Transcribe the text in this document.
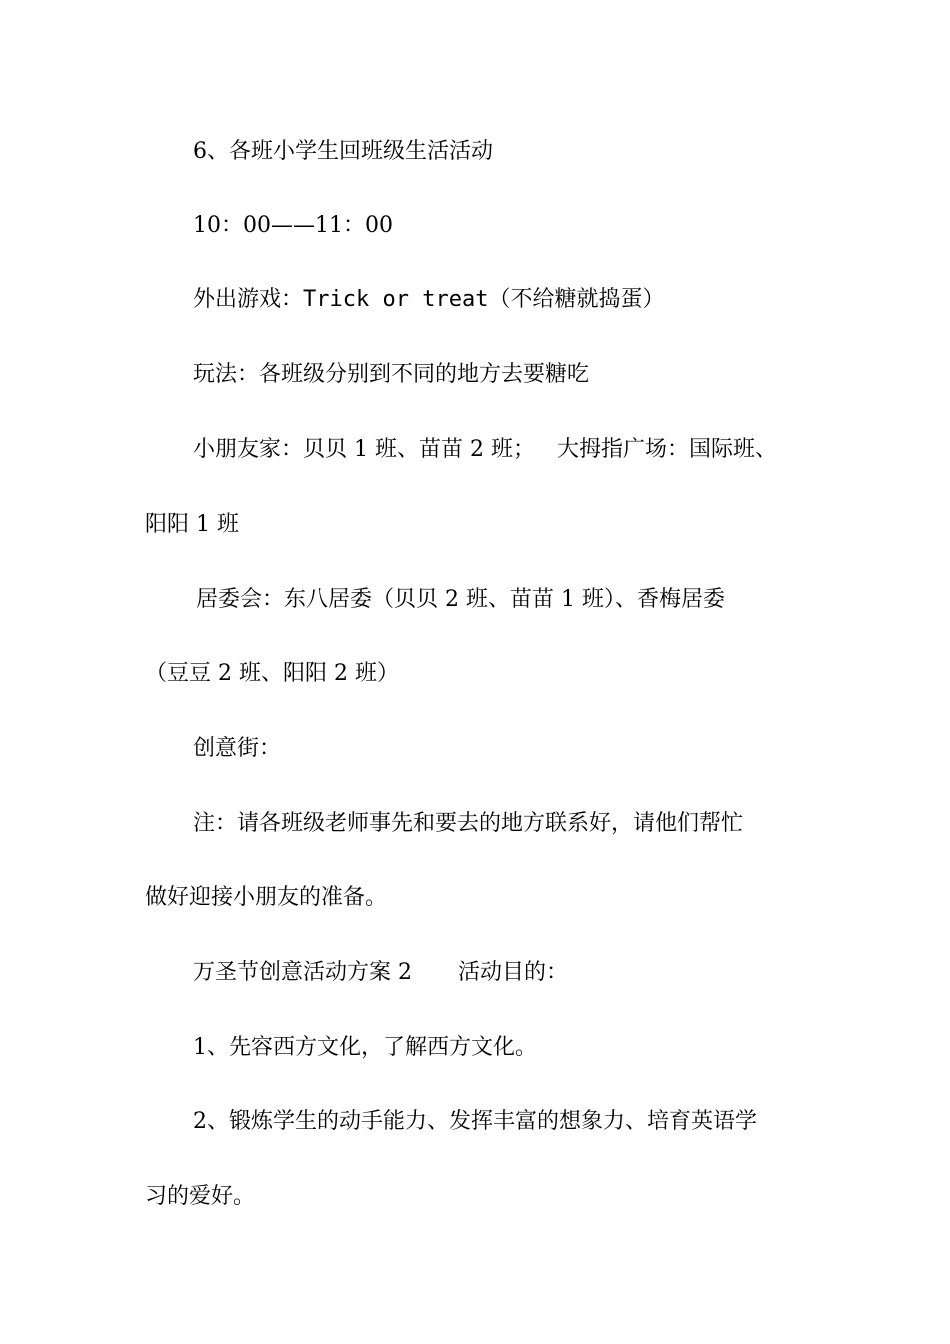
6、各班小学生回班级生活活动
10：00——11：00
外出游戏：Trick or treat（不给糖就捣蛋）
玩法：各班级分别到不同的地方去要糖吃
小朋友家：贝贝 1 班、苗苗 2 班； 大拇指广场：国际班、
阳阳 1 班
居委会：东八居委（贝贝 2 班、苗苗 1 班）、香梅居委
（豆豆 2 班、阳阳 2 班）
创意街：
注：请各班级老师事先和要去的地方联系好，请他们帮忙
做好迎接小朋友的准备。
万圣节创意活动方案 2 活动目的：
1、先容西方文化，了解西方文化。
2、锻炼学生的动手能力、发挥丰富的想象力、培育英语学
习的爱好。
